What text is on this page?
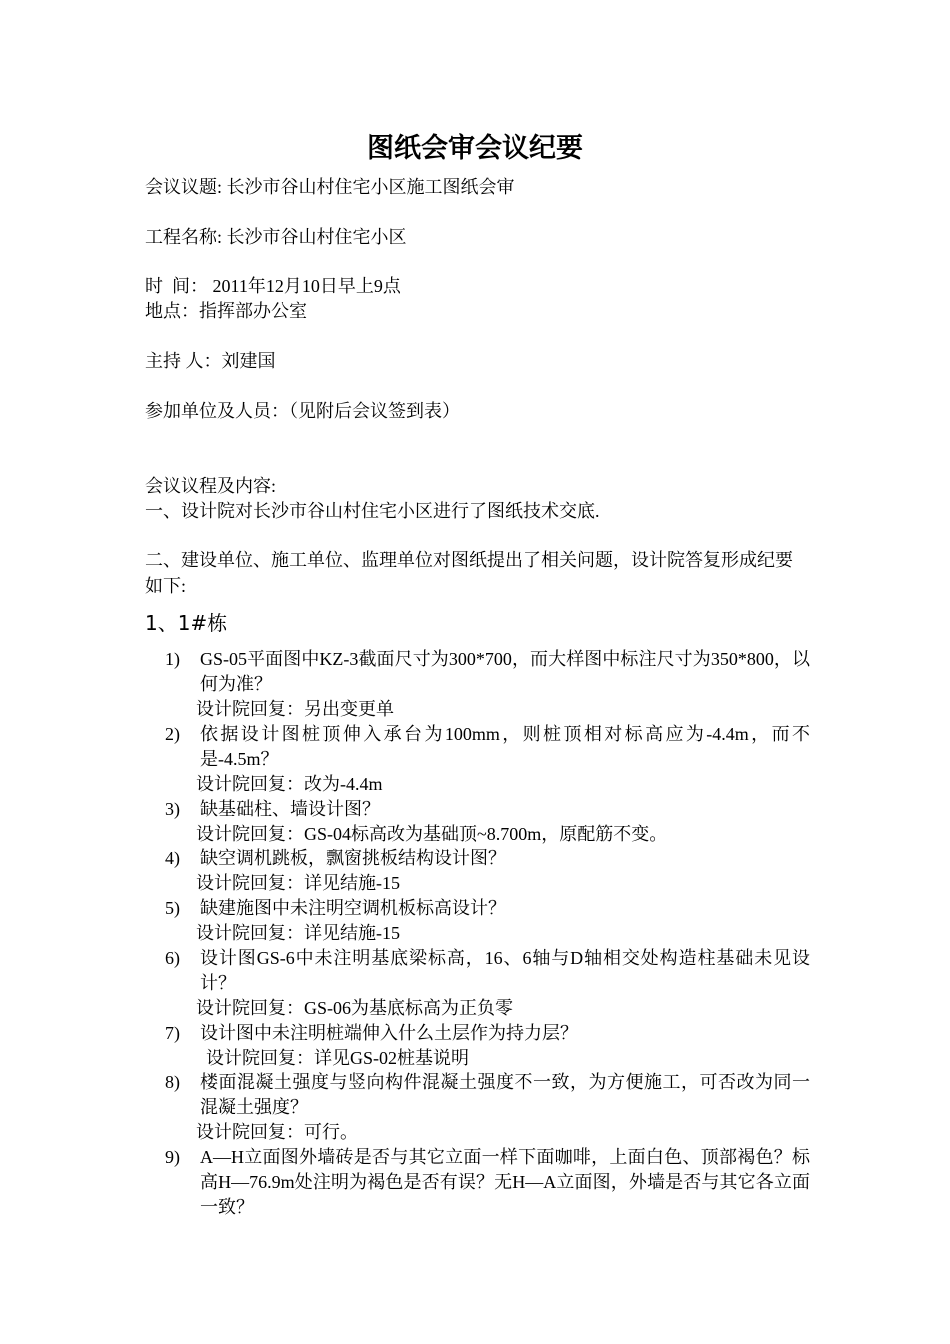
图纸会审会议纪要

会议议题: 长沙市谷山村住宅小区施工图纸会审

工程名称: 长沙市谷山村住宅小区

时  间： 2011年12月10日早上9点

地点：指挥部办公室

主持 人：刘建国

参加单位及人员：（见附后会议签到表）

会议议程及内容:

一、设计院对长沙市谷山村住宅小区进行了图纸技术交底.

二、建设单位、施工单位、监理单位对图纸提出了相关问题，设计院答复形成纪要如下:

1、1#栋
1) GS-05平面图中KZ-3截面尺寸为300*700，而大样图中标注尺寸为350*800，以何为准？
设计院回复：另出变更单
2) 依据设计图桩顶伸入承台为100mm，则桩顶相对标高应为-4.4m，而不是-4.5m？
设计院回复：改为-4.4m
3) 缺基础柱、墙设计图？
设计院回复：GS-04标高改为基础顶~8.700m，原配筋不变。
4) 缺空调机跳板，飘窗挑板结构设计图？
设计院回复：详见结施-15
5) 缺建施图中未注明空调机板标高设计？
设计院回复：详见结施-15
6) 设计图GS-6中未注明基底梁标高，16、6轴与D轴相交处构造柱基础未见设计？
设计院回复：GS-06为基底标高为正负零
7) 设计图中未注明桩端伸入什么土层作为持力层？
设计院回复：详见GS-02桩基说明
8) 楼面混凝土强度与竖向构件混凝土强度不一致，为方便施工，可否改为同一混凝土强度？
设计院回复：可行。
9) A—H立面图外墙砖是否与其它立面一样下面咖啡，上面白色、顶部褐色？标高H—76.9m处注明为褐色是否有误？无H—A立面图，外墙是否与其它各立面一致？
